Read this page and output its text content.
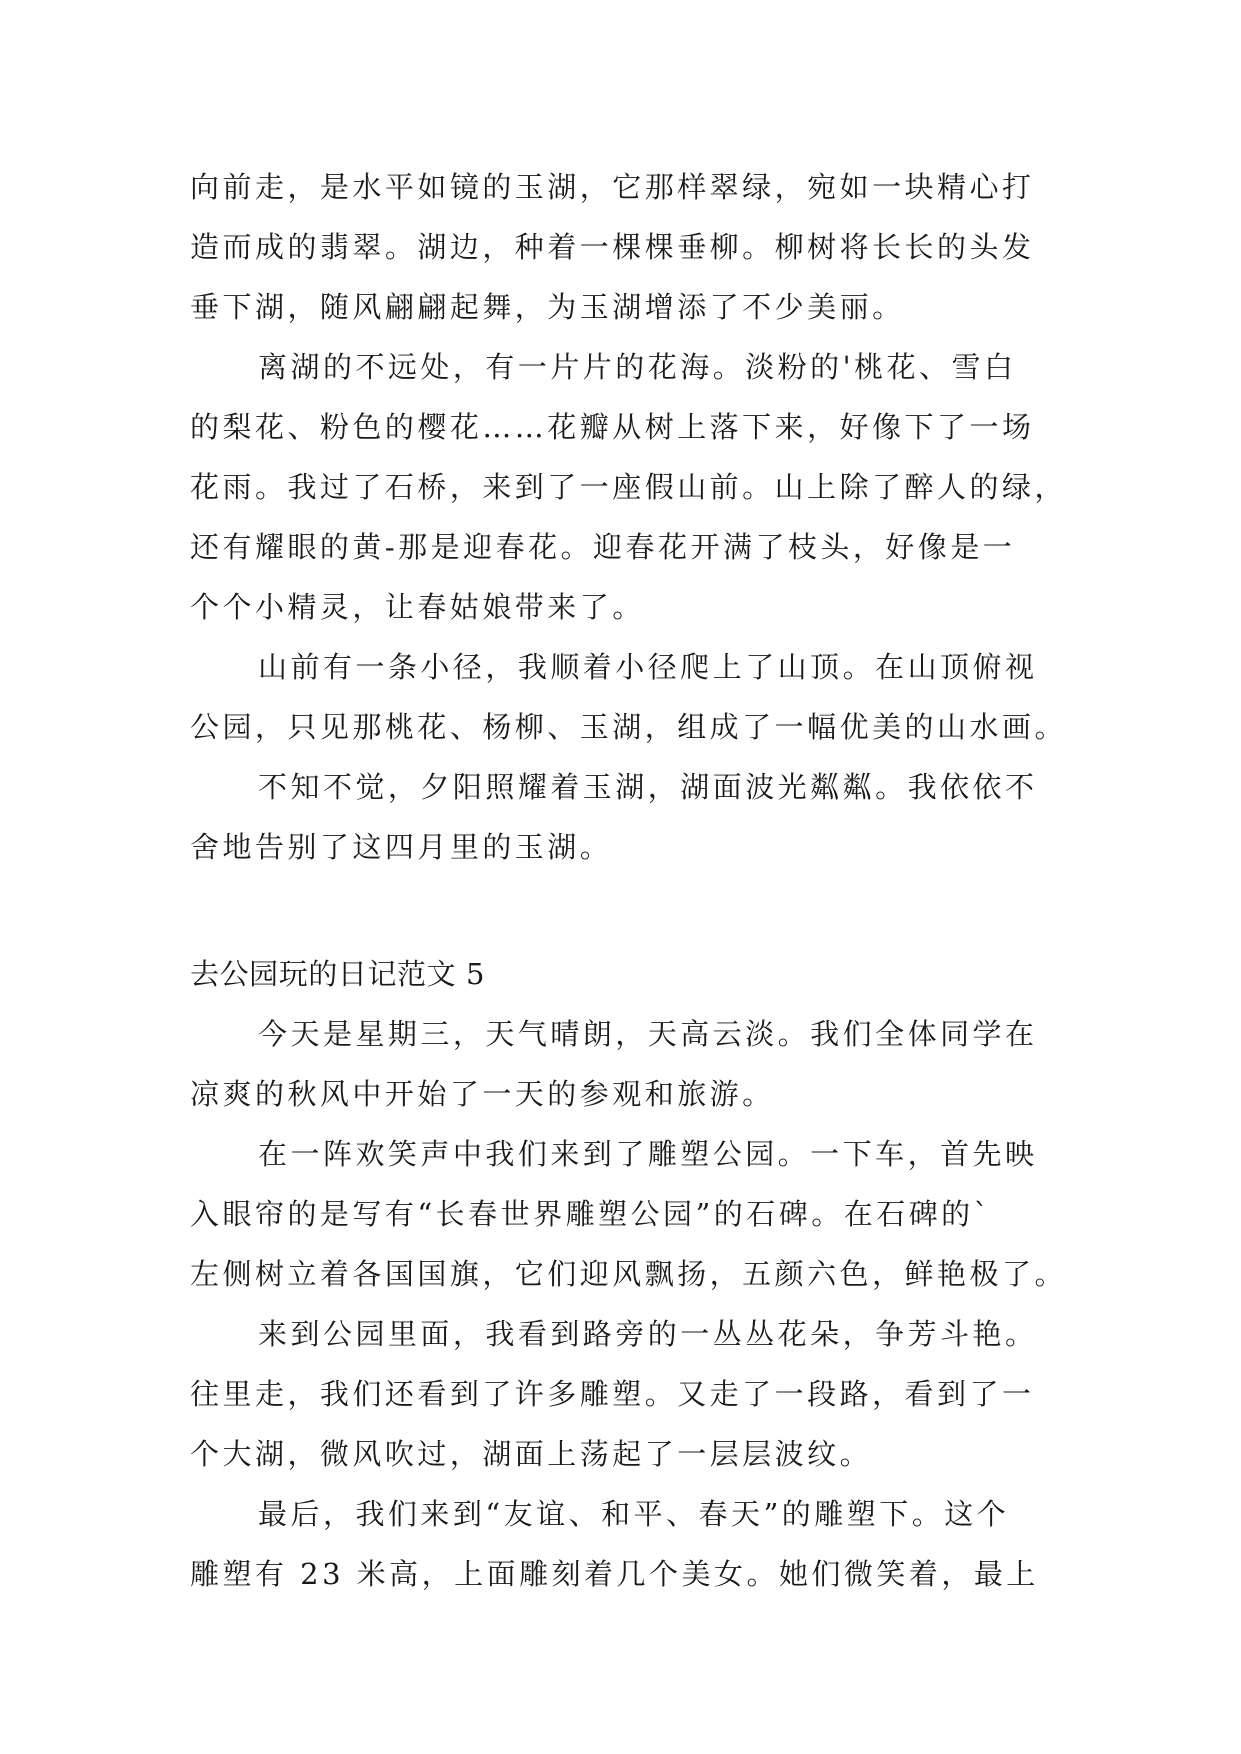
向前走，是水平如镜的玉湖，它那样翠绿，宛如一块精心打
造而成的翡翠。湖边，种着一棵棵垂柳。柳树将长长的头发
垂下湖，随风翩翩起舞，为玉湖增添了不少美丽。
离湖的不远处，有一片片的花海。淡粉的'桃花、雪白
的梨花、粉色的樱花……花瓣从树上落下来，好像下了一场
花雨。我过了石桥，来到了一座假山前。山上除了醉人的绿，
还有耀眼的黄-那是迎春花。迎春花开满了枝头，好像是一
个个小精灵，让春姑娘带来了。
山前有一条小径，我顺着小径爬上了山顶。在山顶俯视
公园，只见那桃花、杨柳、玉湖，组成了一幅优美的山水画。
不知不觉，夕阳照耀着玉湖，湖面波光粼粼。我依依不
舍地告别了这四月里的玉湖。
去公园玩的日记范文 5
今天是星期三，天气晴朗，天高云淡。我们全体同学在
凉爽的秋风中开始了一天的参观和旅游。
在一阵欢笑声中我们来到了雕塑公园。一下车，首先映
入眼帘的是写有“长春世界雕塑公园”的石碑。在石碑的`
左侧树立着各国国旗，它们迎风飘扬，五颜六色，鲜艳极了。
来到公园里面，我看到路旁的一丛丛花朵，争芳斗艳。
往里走，我们还看到了许多雕塑。又走了一段路，看到了一
个大湖，微风吹过，湖面上荡起了一层层波纹。
最后，我们来到“友谊、和平、春天”的雕塑下。这个
雕塑有 23 米高，上面雕刻着几个美女。她们微笑着，最上
